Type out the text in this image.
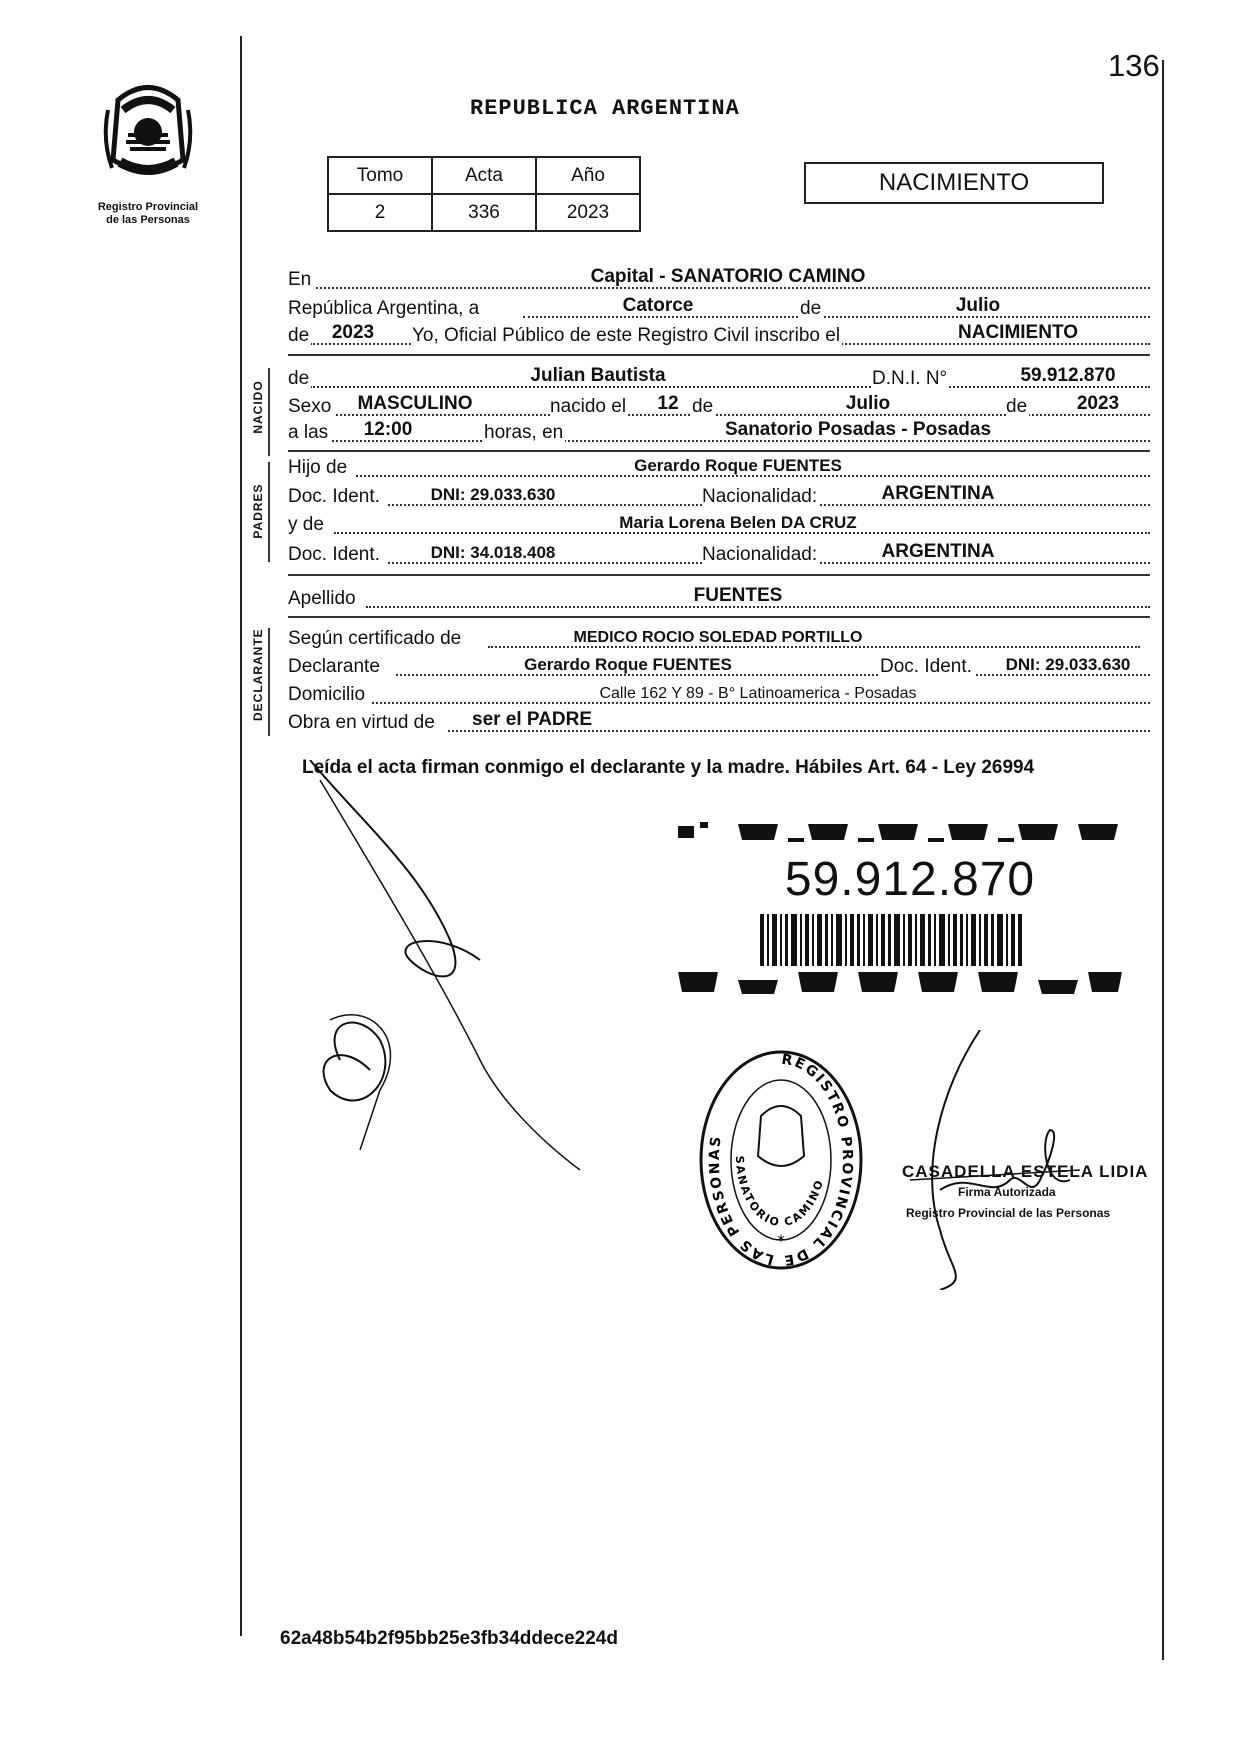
136
Registro Provincial
de las Personas
REPUBLICA ARGENTINA
Tomo	Acta	Año
2	336	2023
NACIMIENTO
En	Capital - SANATORIO CAMINO
República Argentina, a	Catorce	de	Julio
de	2023	Yo, Oficial Público de este Registro Civil inscribo el	NACIMIENTO
NACIDO
de	Julian Bautista	D.N.I. N°	59.912.870
Sexo	MASCULINO	nacido el	12 de	Julio	de	2023
a las	12:00	horas, en	Sanatorio Posadas - Posadas
PADRES
Hijo de	Gerardo Roque FUENTES
Doc. Ident.	DNI: 29.033.630	Nacionalidad:	ARGENTINA
y de	Maria Lorena Belen DA CRUZ
Doc. Ident.	DNI: 34.018.408	Nacionalidad:	ARGENTINA
Apellido	FUENTES
DECLARANTE Según certificado de	MEDICO ROCIO SOLEDAD PORTILLO
Declarante	Gerardo Roque FUENTES	Doc. Ident.	DNI: 29.033.630
Domicilio	Calle 162 Y 89 - B° Latinoamerica - Posadas
Obra en virtud de ser el PADRE
Leída el acta firman conmigo el declarante y la madre. Hábiles Art. 64 - Ley 26994
59.912.870
REGISTRO PROVINCIAL DE LAS PERSONAS
SANATORIO CAMINO
*
CASADELLA ESTELA LIDIA
Firma Autorizada
Registro Provincial de las Personas
62a48b54b2f95bb25e3fb34ddece224d
